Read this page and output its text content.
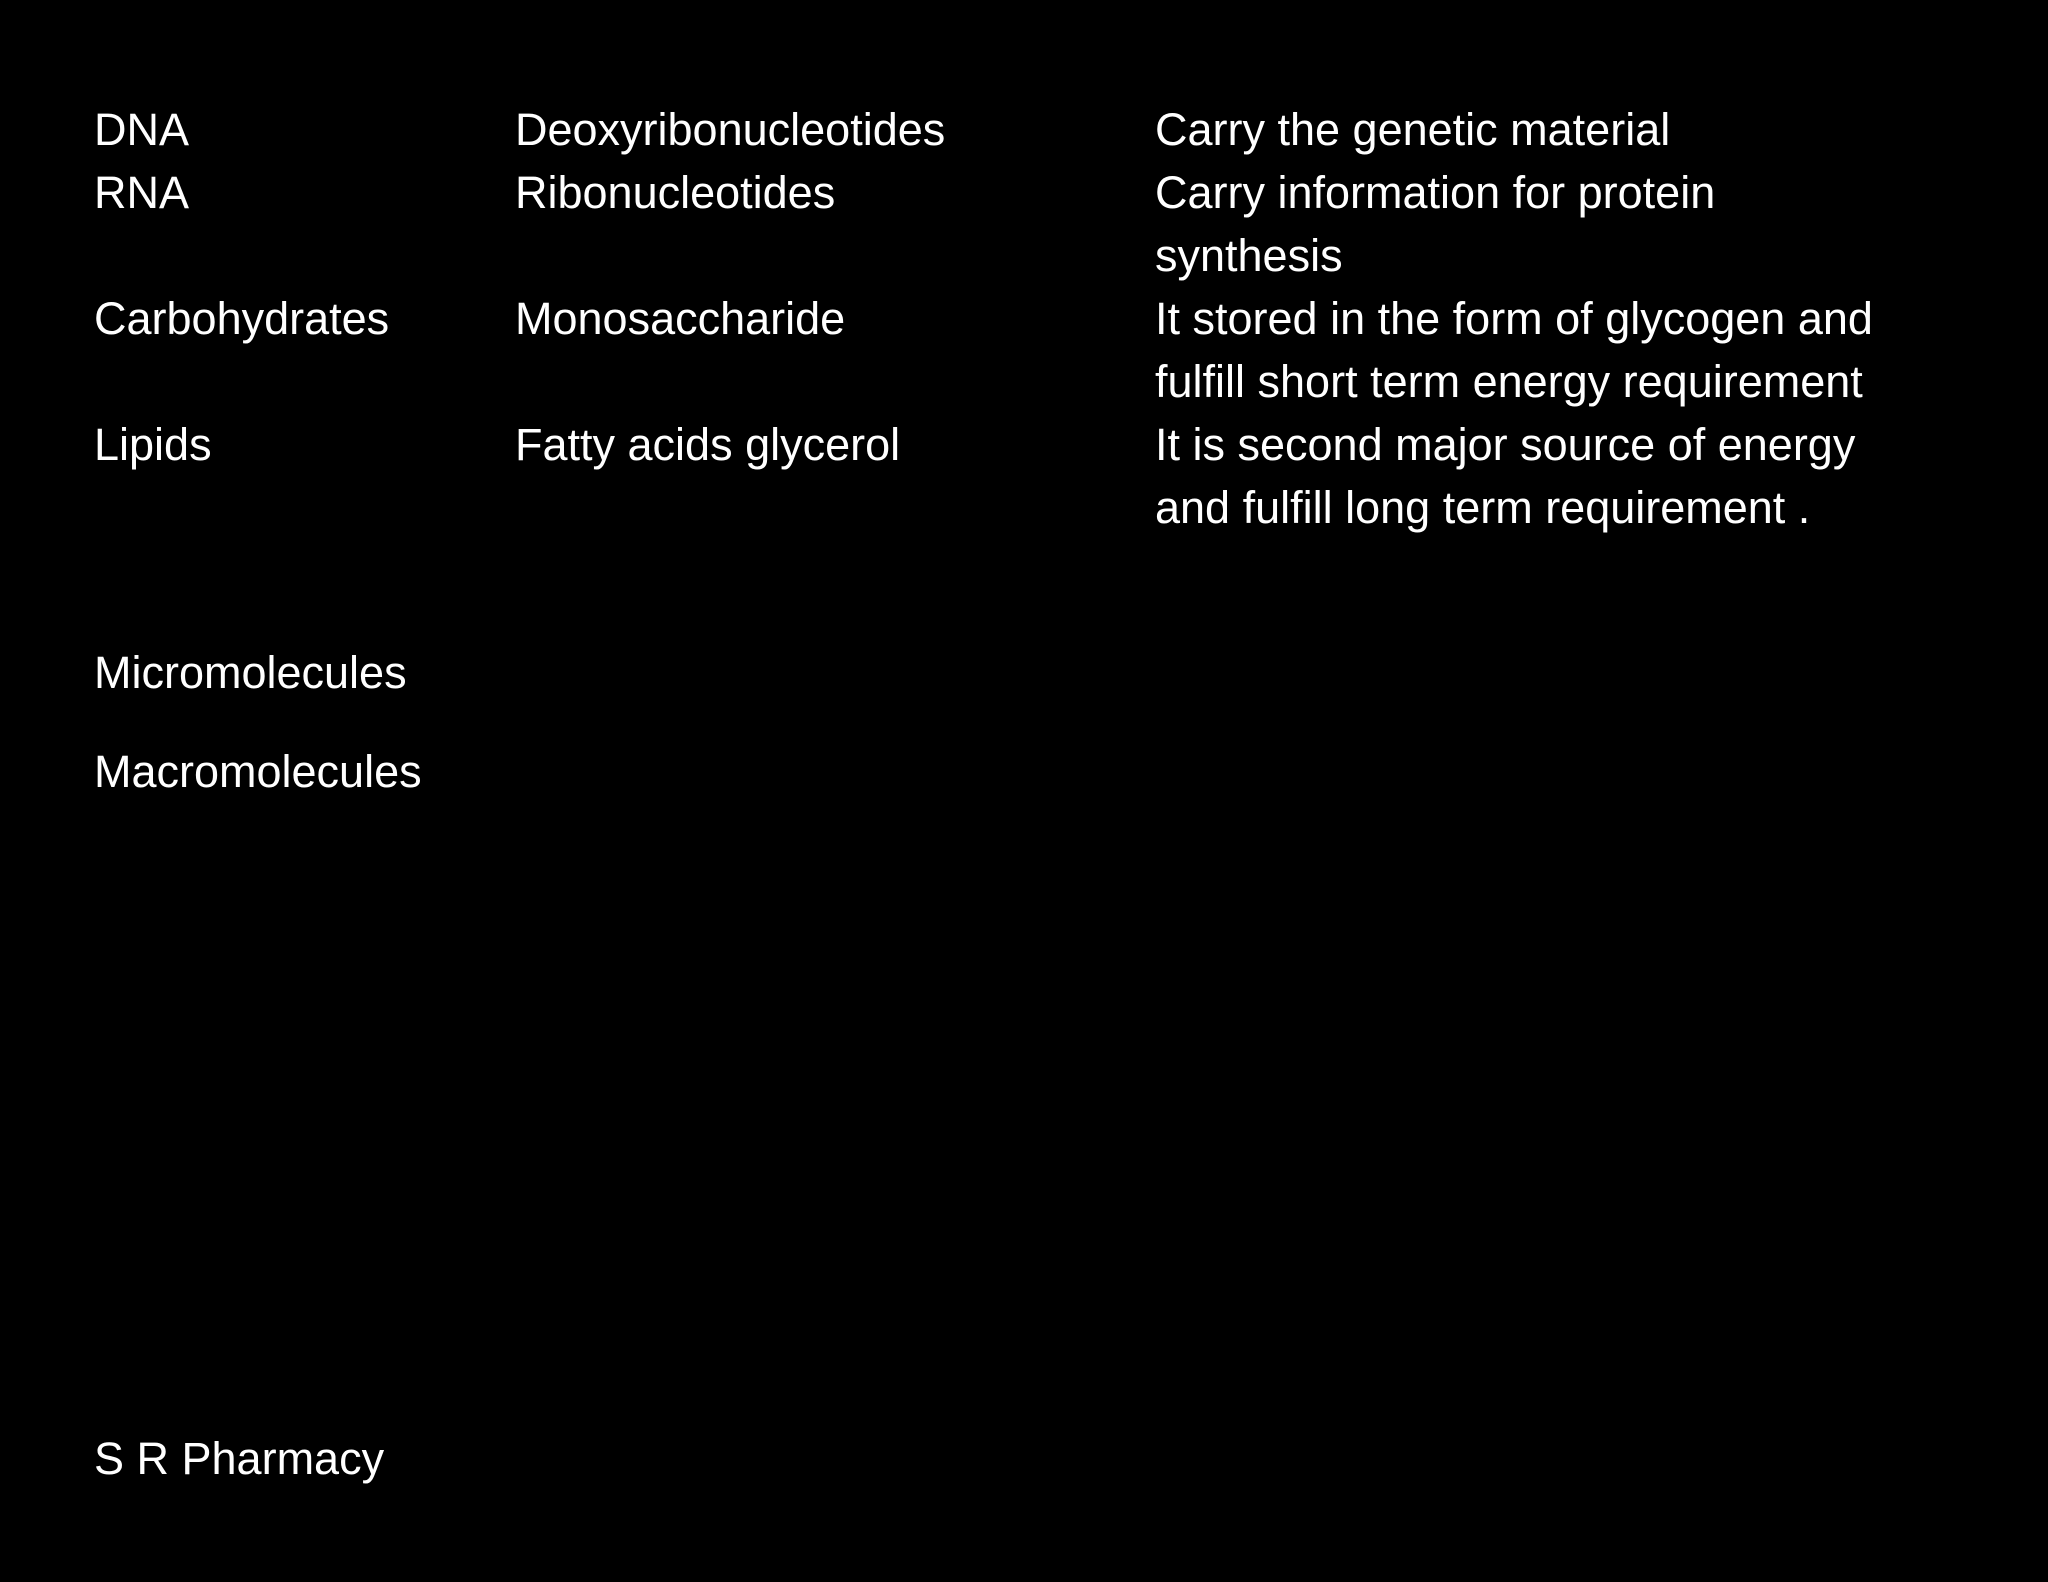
DNA	Deoxyribonucleotides	Carry the genetic material
RNA	Ribonucleotides	Carry information for protein
synthesis
Carbohydrates	Monosaccharide	It stored in the form of glycogen and
fulfill short term energy requirement
Lipids	Fatty acids glycerol	It is second major source of energy
and fulfill long term requirement .
Micromolecules
Macromolecules
S R Pharmacy
